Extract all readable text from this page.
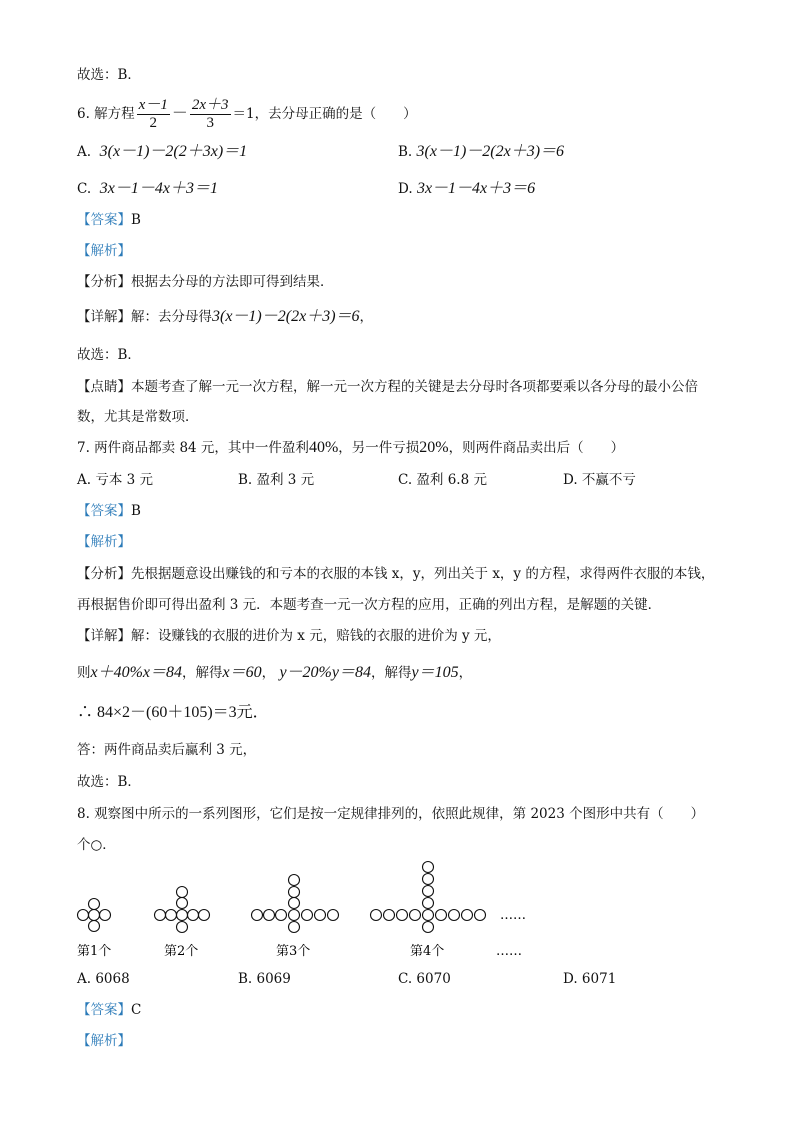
故选：B．
6. 解方程 $\frac{x-1}{2} - \frac{2x+3}{3} =1$，去分母正确的是（　　）
A. 3(x－1)－2(2＋3x)＝1	B. 3(x－1)－2(2x＋3)＝6
C. 3x－1－4x＋3＝1	D. 3x－1－4x＋3＝6
【答案】B
【解析】
【分析】根据去分母的方法即可得到结果．
【详解】解：去分母得3(x－1)－2(2x＋3)＝6，
故选：B．
【点睛】本题考查了解一元一次方程，解一元一次方程的关键是去分母时各项都要乘以各分母的最小公倍
数，尤其是常数项．
7. 两件商品都卖 84 元，其中一件盈利40%，另一件亏损20%，则两件商品卖出后（　　）
A. 亏本 3 元	B. 盈利 3 元	C. 盈利 6.8 元	D. 不赢不亏
【答案】B
【解析】
【分析】先根据题意设出赚钱的和亏本的衣服的本钱 x，y，列出关于 x，y 的方程，求得两件衣服的本钱，
再根据售价即可得出盈利 3 元．本题考查一元一次方程的应用，正确的列出方程，是解题的关键．
【详解】解：设赚钱的衣服的进价为 x 元，赔钱的衣服的进价为 y 元，
则x＋40%x＝84，解得x＝60， y－20%y＝84，解得y＝105，
∴ 84×2－(60＋105)＝3元．
答：两件商品卖后赢利 3 元，
故选：B．
8. 观察图中所示的一系列图形，它们是按一定规律排列的，依照此规律，第 2023 个图形中共有（　　）
个○．
……
第1个	第2个	第3个	第4个	……
A. 6068	B. 6069	C. 6070	D. 6071
【答案】C
【解析】
